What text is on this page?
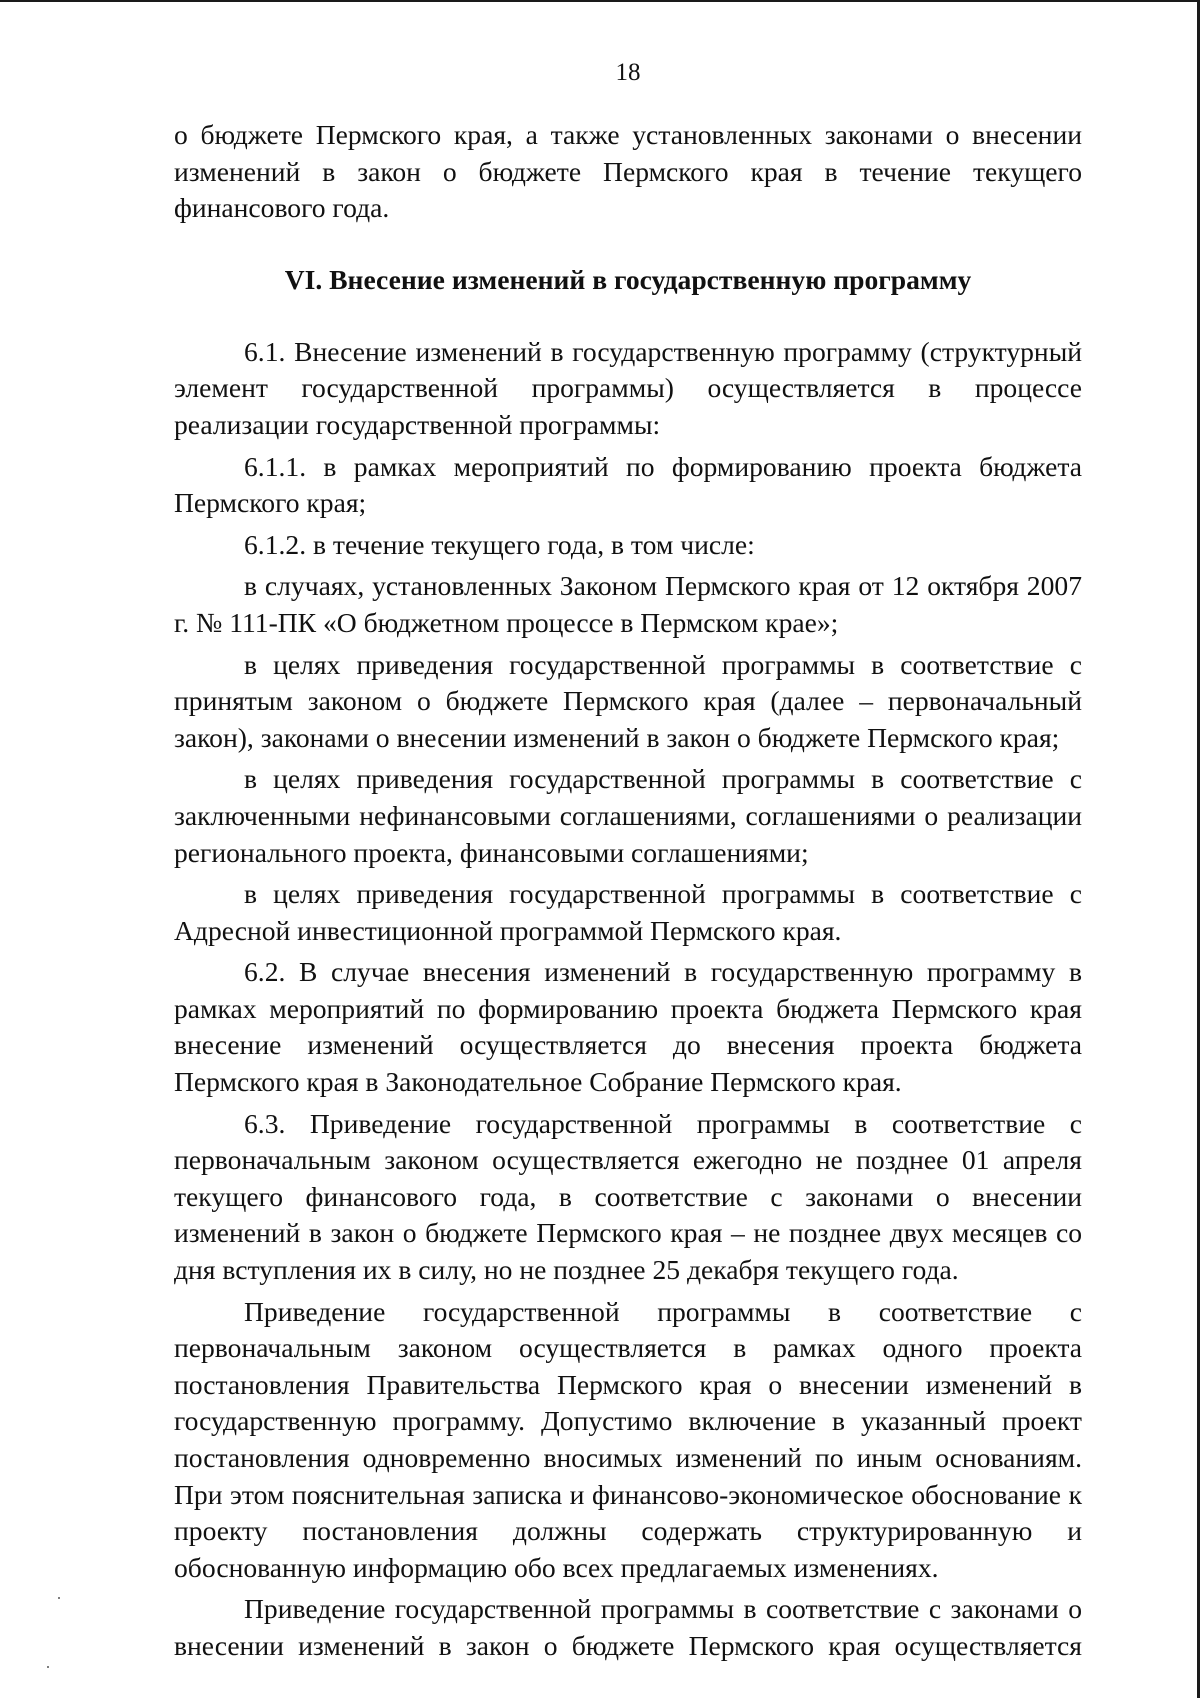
18

о бюджете Пермского края, а также установленных законами о внесении изменений в закон о бюджете Пермского края в течение текущего финансового года.

VI. Внесение изменений в государственную программу

6.1. Внесение изменений в государственную программу (структурный элемент государственной программы) осуществляется в процессе реализации государственной программы:

6.1.1. в рамках мероприятий по формированию проекта бюджета Пермского края;

6.1.2. в течение текущего года, в том числе:

в случаях, установленных Законом Пермского края от 12 октября 2007 г. № 111-ПК «О бюджетном процессе в Пермском крае»;

в целях приведения государственной программы в соответствие с принятым законом о бюджете Пермского края (далее – первоначальный закон), законами о внесении изменений в закон о бюджете Пермского края;

в целях приведения государственной программы в соответствие с заключенными нефинансовыми соглашениями, соглашениями о реализации регионального проекта, финансовыми соглашениями;

в целях приведения государственной программы в соответствие с Адресной инвестиционной программой Пермского края.

6.2. В случае внесения изменений в государственную программу в рамках мероприятий по формированию проекта бюджета Пермского края внесение изменений осуществляется до внесения проекта бюджета Пермского края в Законодательное Собрание Пермского края.

6.3. Приведение государственной программы в соответствие с первоначальным законом осуществляется ежегодно не позднее 01 апреля текущего финансового года, в соответствие с законами о внесении изменений в закон о бюджете Пермского края – не позднее двух месяцев со дня вступления их в силу, но не позднее 25 декабря текущего года.

Приведение государственной программы в соответствие с первоначальным законом осуществляется в рамках одного проекта постановления Правительства Пермского края о внесении изменений в государственную программу. Допустимо включение в указанный проект постановления одновременно вносимых изменений по иным основаниям. При этом пояснительная записка и финансово-экономическое обоснование к проекту постановления должны содержать структурированную и обоснованную информацию обо всех предлагаемых изменениях.

Приведение государственной программы в соответствие с законами о внесении изменений в закон о бюджете Пермского края осуществляется
